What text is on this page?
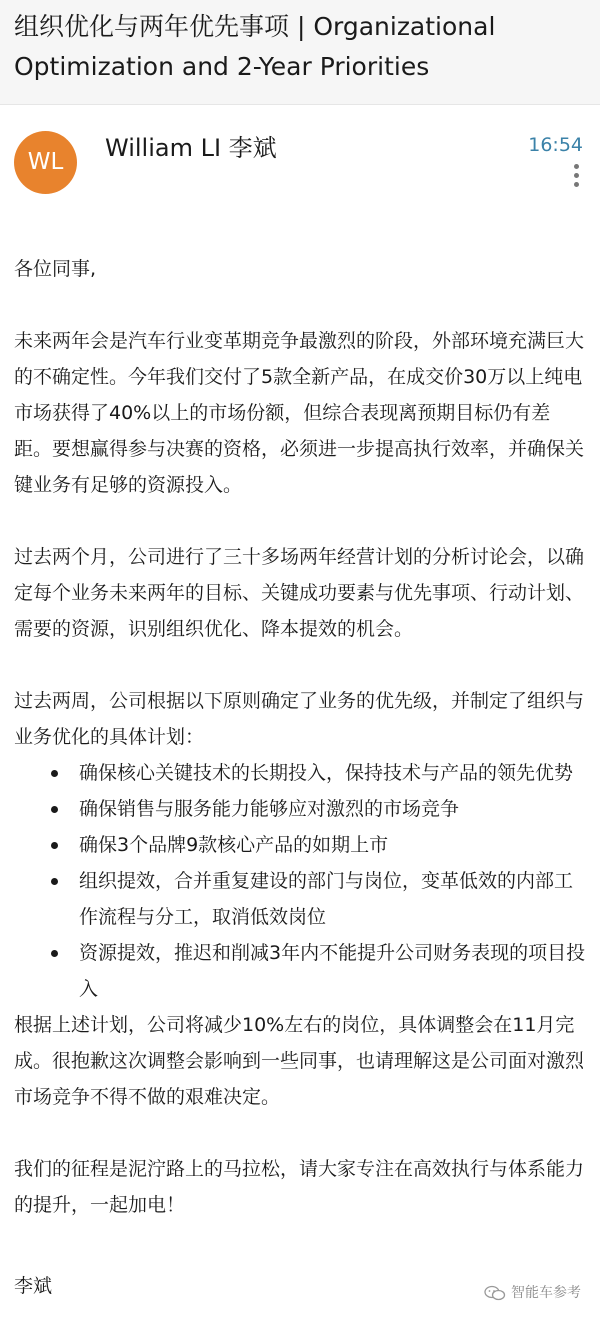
组织优化与两年优先事项 | Organizational Optimization and 2-Year Priorities
WL	William LI 李斌	16:54

各位同事,

未来两年会是汽车行业变革期竞争最激烈的阶段，外部环境充满巨大的不确定性。今年我们交付了5款全新产品，在成交价30万以上纯电市场获得了40%以上的市场份额，但综合表现离预期目标仍有差距。要想赢得参与决赛的资格，必须进一步提高执行效率，并确保关键业务有足够的资源投入。

过去两个月，公司进行了三十多场两年经营计划的分析讨论会，以确定每个业务未来两年的目标、关键成功要素与优先事项、行动计划、需要的资源，识别组织优化、降本提效的机会。

过去两周，公司根据以下原则确定了业务的优先级，并制定了组织与业务优化的具体计划：

确保核心关键技术的长期投入，保持技术与产品的领先优势
确保销售与服务能力能够应对激烈的市场竞争
确保3个品牌9款核心产品的如期上市
组织提效，合并重复建设的部门与岗位，变革低效的内部工作流程与分工，取消低效岗位
资源提效，推迟和削减3年内不能提升公司财务表现的项目投入

根据上述计划，公司将减少10%左右的岗位，具体调整会在11月完成。很抱歉这次调整会影响到一些同事，也请理解这是公司面对激烈市场竞争不得不做的艰难决定。

我们的征程是泥泞路上的马拉松，请大家专注在高效执行与体系能力的提升，一起加电！

李斌	智能车参考
